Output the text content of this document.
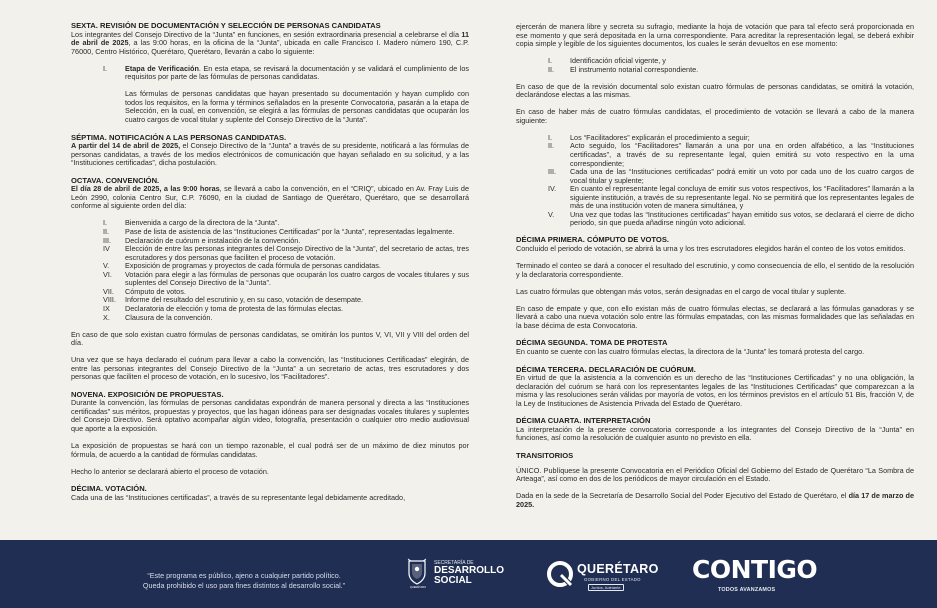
SEXTA. REVISIÓN DE DOCUMENTACIÓN Y SELECCIÓN DE PERSONAS CANDIDATAS

Los integrantes del Consejo Directivo de la “Junta” en funciones, en sesión extraordinaria presencial a celebrarse el día 11 de abril de 2025, a las 9:00 horas, en la oficina de la “Junta”, ubicada en calle Francisco I. Madero número 190, C.P. 76000, Centro Histórico, Querétaro, Querétaro, llevarán a cabo lo siguiente:

I. Etapa de Verificación. En esta etapa, se revisará la documentación y se validará el cumplimiento de los requisitos por parte de las fórmulas de personas candidatas.

Las fórmulas de personas candidatas que hayan presentado su documentación y hayan cumplido con todos los requisitos, en la forma y términos señalados en la presente Convocatoria, pasarán a la etapa de Selección, en la cual, en convención, se elegirá a las fórmulas de personas candidatas que ocuparán los cuatro cargos de vocal titular y suplente del Consejo Directivo de la “Junta”.

SÉPTIMA. NOTIFICACIÓN A LAS PERSONAS CANDIDATAS.

A partir del 14 de abril de 2025, el Consejo Directivo de la “Junta” a través de su presidente, notificará a las fórmulas de personas candidatas, a través de los medios electrónicos de comunicación que hayan señalado en su solicitud, y a las “Instituciones certificadas”, dicha postulación.

OCTAVA. CONVENCIÓN.

El día 28 de abril de 2025, a las 9:00 horas, se llevará a cabo la convención, en el “CRIQ”, ubicado en Av. Fray Luis de León 2990, colonia Centro Sur, C.P. 76090, en la ciudad de Santiago de Querétaro, Querétaro, que se desarrollará conforme al siguiente orden del día:

I. Bienvenida a cargo de la directora de la “Junta”.
II. Pase de lista de asistencia de las “Instituciones Certificadas” por la “Junta”, representadas legalmente.
III. Declaración de cuórum e instalación de la convención.
IV Elección de entre las personas integrantes del Consejo Directivo de la “Junta”, del secretario de actas, tres escrutadores y dos personas que faciliten el proceso de votación.
V. Exposición de programas y proyectos de cada fórmula de personas candidatas.
VI. Votación para elegir a las fórmulas de personas que ocuparán los cuatro cargos de vocales titulares y sus suplentes del Consejo Directivo de la “Junta”.
VII. Cómputo de votos.
VIII. Informe del resultado del escrutinio y, en su caso, votación de desempate.
IX Declaratoria de elección y toma de protesta de las fórmulas electas.
X. Clausura de la convención.

En caso de que solo existan cuatro fórmulas de personas candidatas, se omitirán los puntos V, VI, VII y VIII del orden del día.

Una vez que se haya declarado el cuórum para llevar a cabo la convención, las “Instituciones Certificadas” elegirán, de entre las personas integrantes del Consejo Directivo de la “Junta” a un secretario de actas, tres escrutadores y dos personas que faciliten el proceso de votación, en lo sucesivo, los “Facilitadores”.

NOVENA. EXPOSICIÓN DE PROPUESTAS.

Durante la convención, las fórmulas de personas candidatas expondrán de manera personal y directa a las “Instituciones certificadas” sus méritos, propuestas y proyectos, que las hagan idóneas para ser designadas vocales titulares y suplentes del Consejo Directivo. Será optativo acompañar algún video, fotografía, presentación o cualquier otro medio audiovisual que aporte a la exposición.

La exposición de propuestas se hará con un tiempo razonable, el cual podrá ser de un máximo de diez minutos por fórmula, de acuerdo a la cantidad de fórmulas candidatas.

Hecho lo anterior se declarará abierto el proceso de votación.

DÉCIMA. VOTACIÓN.

Cada una de las “Instituciones certificadas”, a través de su representante legal debidamente acreditado,

ejercerán de manera libre y secreta su sufragio, mediante la hoja de votación que para tal efecto será proporcionada en ese momento y que será depositada en la urna correspondiente. Para acreditar la representación legal, se deberá exhibir copia simple y legible de los siguientes documentos, los cuales le serán devueltos en ese momento:

I. Identificación oficial vigente, y
II. El instrumento notarial correspondiente.

En caso de que de la revisión documental solo existan cuatro fórmulas de personas candidatas, se omitirá la votación, declarándose electas a las mismas.

En caso de haber más de cuatro fórmulas candidatas, el procedimiento de votación se llevará a cabo de la manera siguiente:

I. Los “Facilitadores” explicarán el procedimiento a seguir;
II. Acto seguido, los “Facilitadores” llamarán a una por una en orden alfabético, a las “Instituciones certificadas”, a través de su representante legal, quien emitirá su voto respectivo en la urna correspondiente;
III. Cada una de las “Instituciones certificadas” podrá emitir un voto por cada uno de los cuatro cargos de vocal titular y suplente;
IV. En cuanto el representante legal concluya de emitir sus votos respectivos, los “Facilitadores” llamarán a la siguiente institución, a través de su representante legal. No se permitirá que los representantes legales de más de una institución voten de manera simultánea, y
V. Una vez que todas las “Instituciones certificadas” hayan emitido sus votos, se declarará el cierre de dicho periodo, sin que pueda añadirse ningún voto adicional.
DÉCIMA PRIMERA. CÓMPUTO DE VOTOS.

Concluido el periodo de votación, se abrirá la urna y los tres escrutadores elegidos harán el conteo de los votos emitidos.

Terminado el conteo se dará a conocer el resultado del escrutinio, y como consecuencia de ello, el sentido de la resolución y la declaratoria correspondiente.

Las cuatro fórmulas que obtengan más votos, serán designadas en el cargo de vocal titular y suplente.

En caso de empate y que, con ello existan más de cuatro fórmulas electas, se declarará a las fórmulas ganadoras y se llevará a cabo una nueva votación solo entre las fórmulas empatadas, con las mismas formalidades que las señaladas en la base décima de esta Convocatoria.

DÉCIMA SEGUNDA. TOMA DE PROTESTA

En cuanto se cuente con las cuatro fórmulas electas, la directora de la “Junta” les tomará protesta del cargo.

DÉCIMA TERCERA. DECLARACIÓN DE CUÓRUM.

En virtud de que la asistencia a la convención es un derecho de las “Instituciones Certificadas” y no una obligación, la declaración del cuórum se hará con los representantes legales de las “Instituciones Certificadas” que comparezcan a la misma y las resoluciones serán válidas por mayoría de votos, en los términos previstos en el artículo 51 Bis, fracción V, de la Ley de Instituciones de Asistencia Privada del Estado de Querétaro.

DÉCIMA CUARTA. INTERPRETACIÓN

La interpretación de la presente convocatoria corresponde a los integrantes del Consejo Directivo de la “Junta” en funciones, así como la resolución de cualquier asunto no previsto en ella.

TRANSITORIOS

ÚNICO. Publíquese la presente Convocatoria en el Periódico Oficial del Gobierno del Estado de Querétaro “La Sombra de Arteaga”, así como en dos de los periódicos de mayor circulación en el Estado.

Dada en la sede de la Secretaría de Desarrollo Social del Poder Ejecutivo del Estado de Querétaro, el día 17 de marzo de 2025.

“Este programa es público, ajeno a cualquier partido político.
Queda prohibido el uso para fines distintos al desarrollo social.”	QUERÉTARO
SECRETARÍA DE
DESARROLLO
SOCIAL
QUERÉTARO
GOBIERNO DEL ESTADO
Juntos, Adelante
CONTIGO
TODOS AVANZAMOS
